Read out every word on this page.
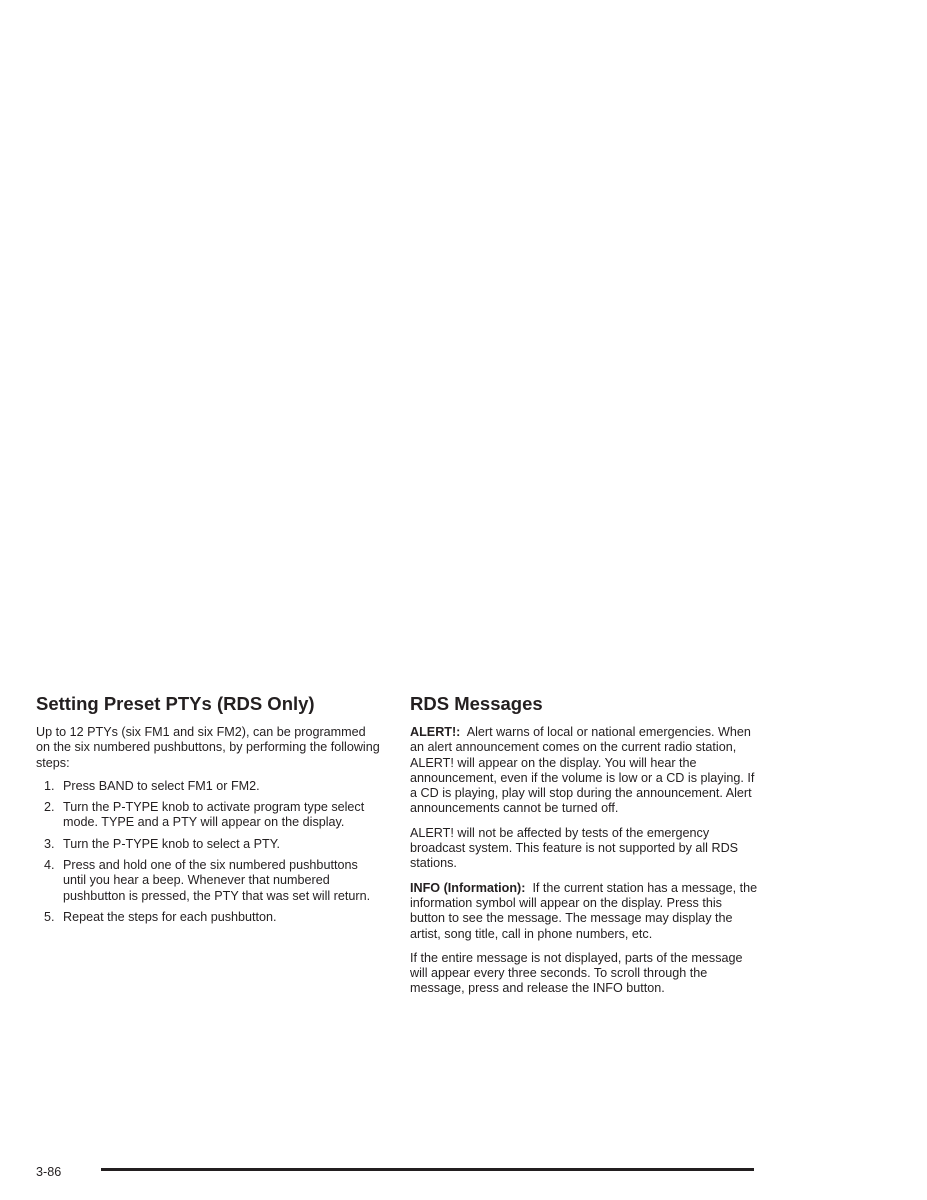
Setting Preset PTYs (RDS Only)

Up to 12 PTYs (six FM1 and six FM2), can be programmed on the six numbered pushbuttons, by performing the following steps:

1. Press BAND to select FM1 or FM2.
2. Turn the P-TYPE knob to activate program type select mode. TYPE and a PTY will appear on the display.
3. Turn the P-TYPE knob to select a PTY.
4. Press and hold one of the six numbered pushbuttons until you hear a beep. Whenever that numbered pushbutton is pressed, the PTY that was set will return.
5. Repeat the steps for each pushbutton.
RDS Messages

ALERT!: Alert warns of local or national emergencies. When an alert announcement comes on the current radio station, ALERT! will appear on the display. You will hear the announcement, even if the volume is low or a CD is playing. If a CD is playing, play will stop during the announcement. Alert announcements cannot be turned off.

ALERT! will not be affected by tests of the emergency broadcast system. This feature is not supported by all RDS stations.

INFO (Information): If the current station has a message, the information symbol will appear on the display. Press this button to see the message. The message may display the artist, song title, call in phone numbers, etc.

If the entire message is not displayed, parts of the message will appear every three seconds. To scroll through the message, press and release the INFO button.

3-86
